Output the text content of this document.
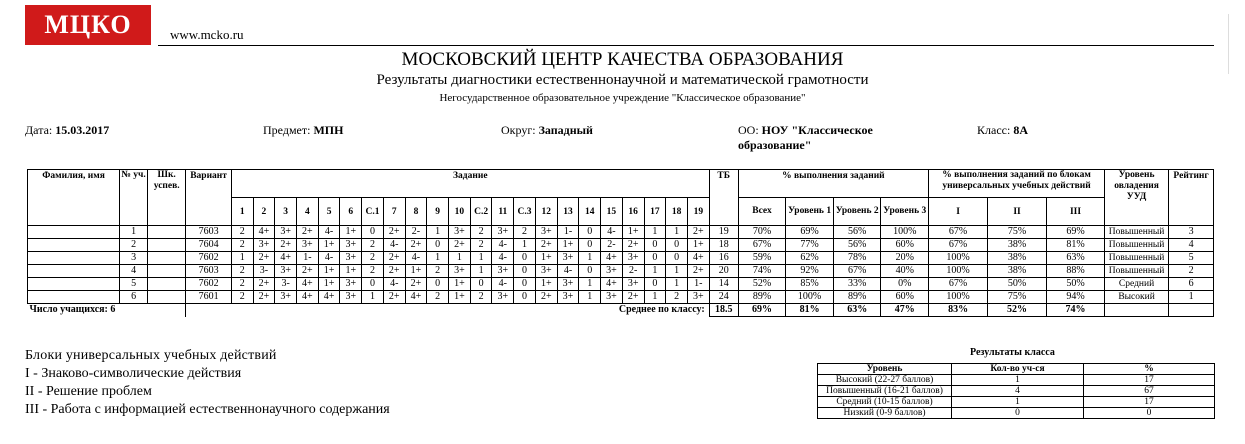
МЦКО	www.mcko.ru
МОСКОВСКИЙ ЦЕНТР КАЧЕСТВА ОБРАЗОВАНИЯ
Результаты диагностики естественнонаучной и математической грамотности
Негосударственное образовательное учреждение "Классическое образование"
Дата: 15.03.2017	Предмет: МПН	Округ: Западный	ОО: НОУ "Классическое
образование"
Класс: 8А
Фамилия, имя	№ уч.	Шк. успев.	Вариант	Задание																						ТБ	% выполнения заданий				% выполнения заданий по блокам универсальных учебных действий			Уровень овладения УУД	Рейтинг
				1	2	3	4	5	6	С.1	7	8	9	10	С.2	11	С.3	12	13	14	15	16	17	18	19		Всех	Уровень 1	Уровень 2	Уровень 3	I	II	III		
	1		7603	2	4+	3+	2+	4-	1+	0	2+	2-	1	3+	2	3+	2	3+	1-	0	4-	1+	1	1	2+	19	70%	69%	56%	100%	67%	75%	69%	Повышенный	3
	2		7604	2	3+	2+	3+	1+	3+	2	4-	2+	0	2+	2	4-	1	2+	1+	0	2-	2+	0	0	1+	18	67%	77%	56%	60%	67%	38%	81%	Повышенный	4
	3		7602	1	2+	4+	1-	4-	3+	2	2+	4-	1	1	1	4-	0	1+	3+	1	4+	3+	0	0	4+	16	59%	62%	78%	20%	100%	38%	63%	Повышенный	5
	4		7603	2	3-	3+	2+	1+	1+	2	2+	1+	2	3+	1	3+	0	3+	4-	0	3+	2-	1	1	2+	20	74%	92%	67%	40%	100%	38%	88%	Повышенный	2
	5		7602	2	2+	3-	4+	1+	3+	0	4-	2+	0	1+	0	4-	0	1+	3+	1	4+	3+	0	1	1-	14	52%	85%	33%	0%	67%	50%	50%	Средний	6
	6		7601	2	2+	3+	4+	4+	3+	1	2+	4+	2	1+	2	3+	0	2+	3+	1	3+	2+	1	2	3+	24	89%	100%	89%	60%	100%	75%	94%	Высокий	1
Число учащихся: 6			Среднее по классу:																							18.5	69%	81%	63%	47%	83%	52%	74%		
Блоки универсальных учебных действий
I - Знаково-символические действия
II - Решение проблем
III - Работа с информацией естественнонаучного содержания
Результаты класса
Уровень	Кол-во уч-ся	%
Высокий (22-27 баллов)	1	17
Повышенный (16-21 баллов)	4	67
Средний (10-15 баллов)	1	17
Низкий (0-9 баллов)	0	0
